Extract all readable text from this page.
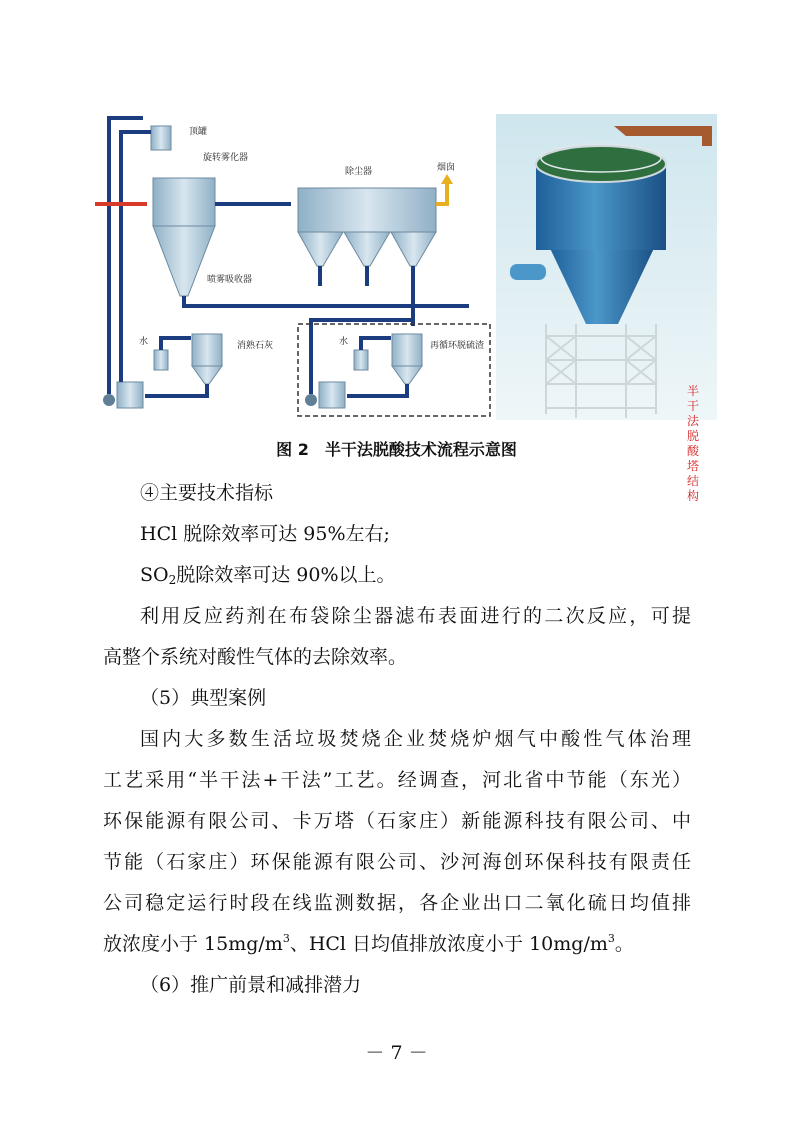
顶罐
旋转雾化器
除尘器	烟囱
喷雾吸收器
水	消熟石灰	水	再循环脱硫渣
半
干
法
脱
酸
塔
结
构
图 2　半干法脱酸技术流程示意图
④主要技术指标
HCl 脱除效率可达 95%左右;
$SO_2$脱除效率可达 90%以上。
利用反应药剂在布袋除尘器滤布表面进行的二次反应，可提
高整个系统对酸性气体的去除效率。
（5）典型案例
国内大多数生活垃圾焚烧企业焚烧炉烟气中酸性气体治理
工艺采用“半干法+干法”工艺。经调查，河北省中节能（东光）
环保能源有限公司、卡万塔（石家庄）新能源科技有限公司、中
节能（石家庄）环保能源有限公司、沙河海创环保科技有限责任
公司稳定运行时段在线监测数据，各企业出口二氧化硫日均值排
放浓度小于 $15mg/m^3$、HCl 日均值排放浓度小于 $10mg/m^3$。
（6）推广前景和减排潜力
－ 7 －
